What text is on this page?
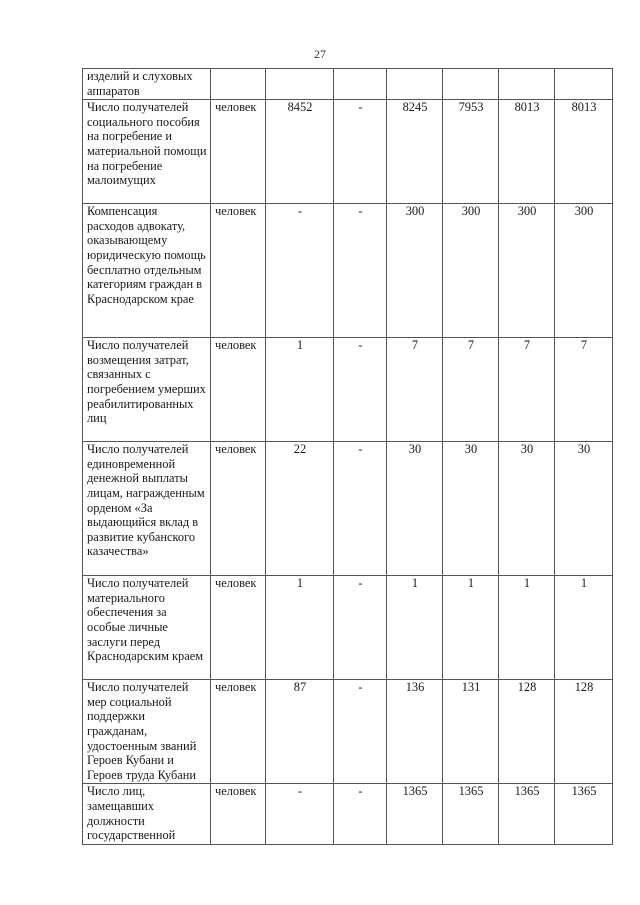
27
изделий и слуховых аппаратов							
Число получателей социального пособия на погребение и материальной помощи на погребение малоимущих	человек	8452	-	8245	7953	8013	8013
Компенсация расходов адвокату, оказывающему юридическую помощь бесплатно отдельным категориям граждан в Краснодарском крае	человек	-	-	300	300	300	300
Число получателей возмещения затрат, связанных с погребением умерших реабилитированных лиц	человек	1	-	7	7	7	7
Число получателей единовременной денежной выплаты лицам, награжденным орденом «За выдающийся вклад в развитие кубанского казачества»	человек	22	-	30	30	30	30
Число получателей материального обеспечения за особые личные заслуги перед Краснодарским краем	человек	1	-	1	1	1	1
Число получателей мер социальной поддержки гражданам, удостоенным званий Героев Кубани и Героев труда Кубани	человек	87	-	136	131	128	128
Число лиц, замещавших должности государственной	человек	-	-	1365	1365	1365	1365
